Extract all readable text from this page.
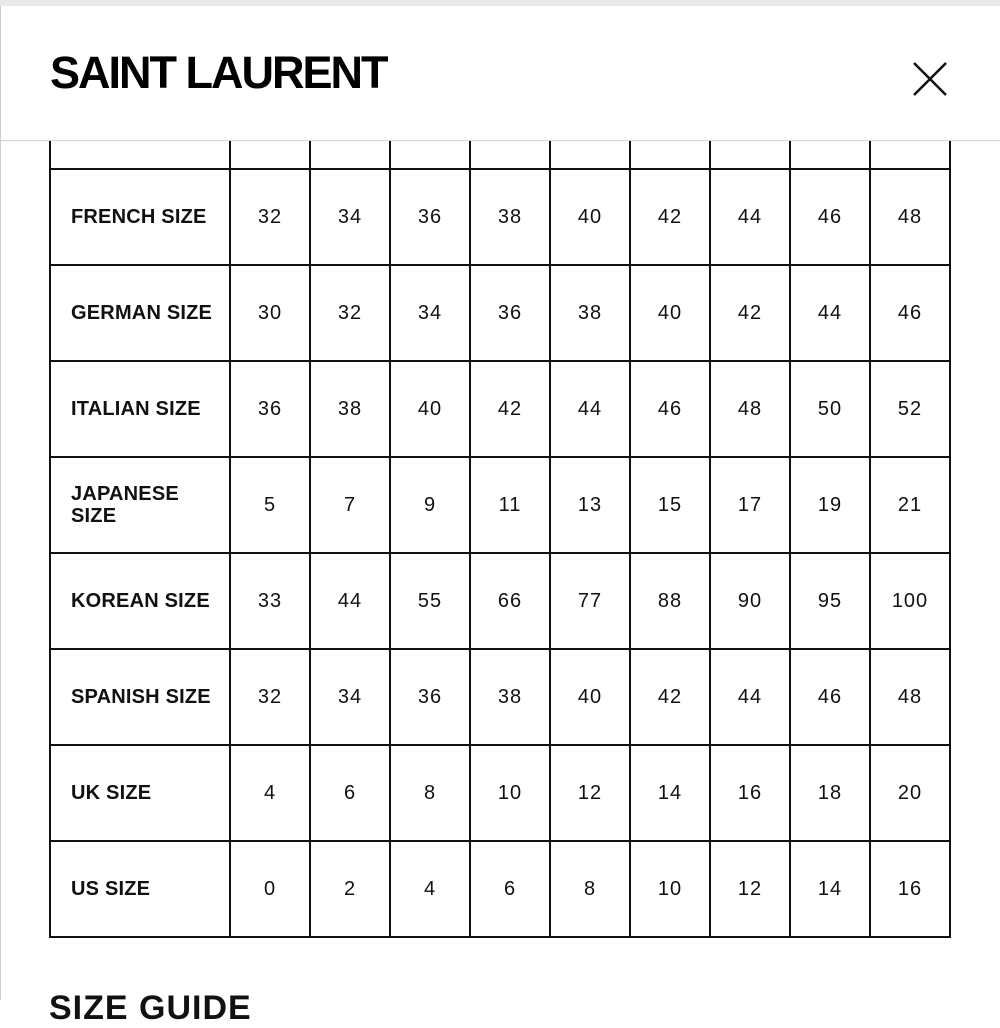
FRENCH SIZE	32	34	36	38	40	42	44	46	48
GERMAN SIZE	30	32	34	36	38	40	42	44	46
ITALIAN SIZE	36	38	40	42	44	46	48	50	52
JAPANESE SIZE	5	7	9	11	13	15	17	19	21
KOREAN SIZE	33	44	55	66	77	88	90	95	100
SPANISH SIZE	32	34	36	38	40	42	44	46	48
UK SIZE	4	6	8	10	12	14	16	18	20
US SIZE	0	2	4	6	8	10	12	14	16
SAINT LAURENT
SIZE GUIDE
